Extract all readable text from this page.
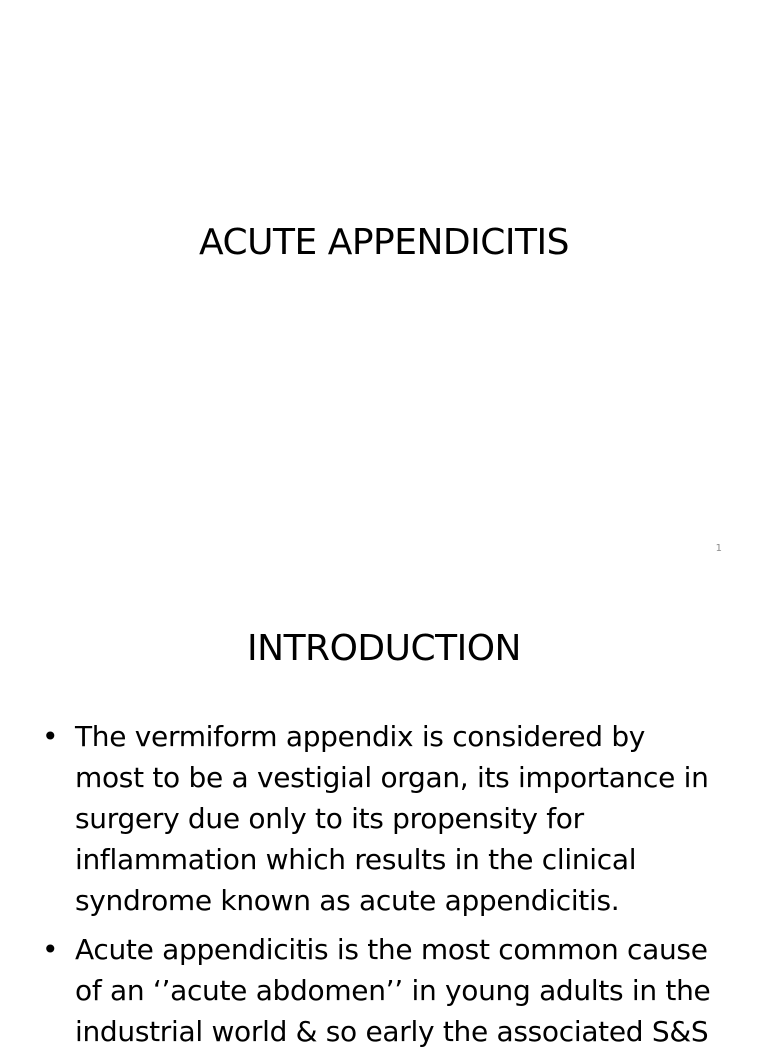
ACUTE APPENDICITIS
1
INTRODUCTION
• The vermiform appendix is considered by most to be a vestigial organ, its importance in surgery due only to its propensity for inflammation which results in the clinical syndrome known as acute appendicitis.
• Acute appendicitis is the most common cause of an ‘’acute abdomen’’ in young adults in the industrial world & so early the associated S&S
